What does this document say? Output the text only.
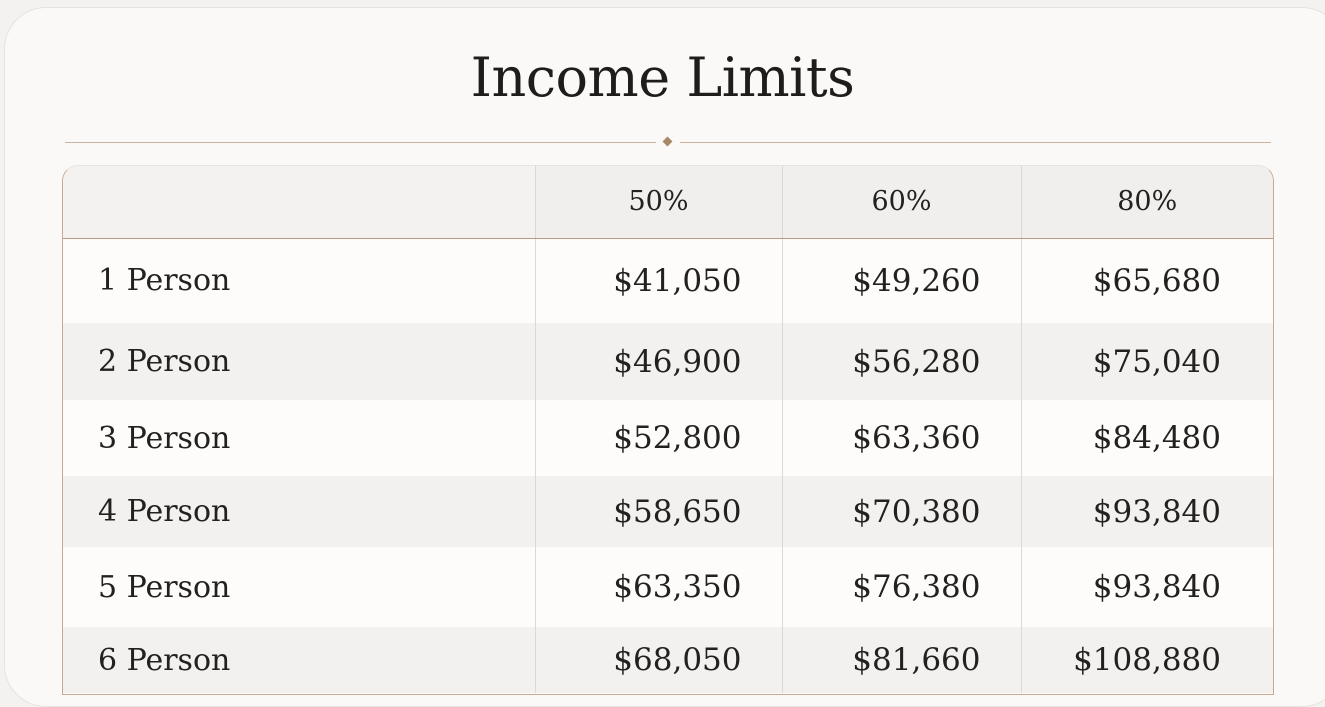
Income Limits
	50%	60%	80%
1 Person	$41,050	$49,260	$65,680
2 Person	$46,900	$56,280	$75,040
3 Person	$52,800	$63,360	$84,480
4 Person	$58,650	$70,380	$93,840
5 Person	$63,350	$76,380	$93,840
6 Person	$68,050	$81,660	$108,880
